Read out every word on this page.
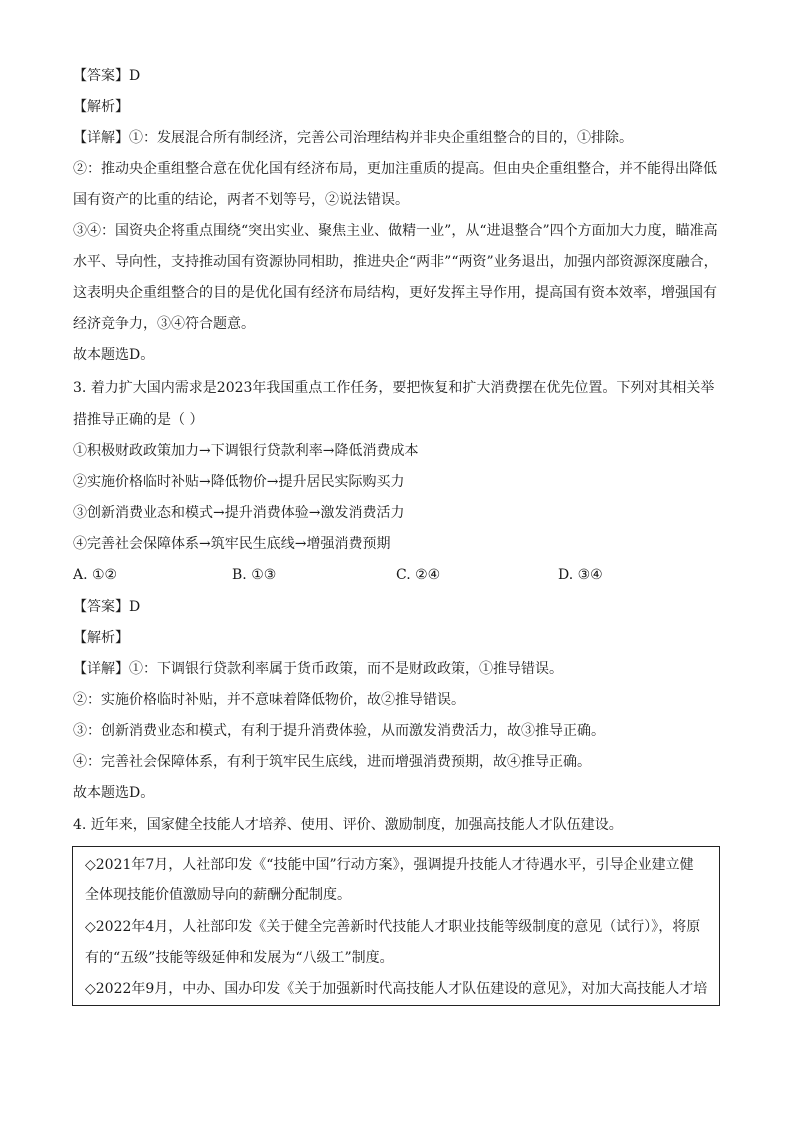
【答案】D
【解析】
【详解】①：发展混合所有制经济，完善公司治理结构并非央企重组整合的目的，①排除。
②：推动央企重组整合意在优化国有经济布局，更加注重质的提高。但由央企重组整合，并不能得出降低
国有资产的比重的结论，两者不划等号，②说法错误。
③④：国资央企将重点围绕“突出实业、聚焦主业、做精一业”，从“进退整合”四个方面加大力度，瞄准高
水平、导向性，支持推动国有资源协同相助，推进央企“两非”“两资”业务退出，加强内部资源深度融合，
这表明央企重组整合的目的是优化国有经济布局结构，更好发挥主导作用，提高国有资本效率，增强国有
经济竞争力，③④符合题意。
故本题选D。
3. 着力扩大国内需求是2023年我国重点工作任务，要把恢复和扩大消费摆在优先位置。下列对其相关举
措推导正确的是（ ）
①积极财政政策加力→下调银行贷款利率→降低消费成本
②实施价格临时补贴→降低物价→提升居民实际购买力
③创新消费业态和模式→提升消费体验→激发消费活力
④完善社会保障体系→筑牢民生底线→增强消费预期
A. ①②	B. ①③	C. ②④	D. ③④
【答案】D
【解析】
【详解】①：下调银行贷款利率属于货币政策，而不是财政政策，①推导错误。
②：实施价格临时补贴，并不意味着降低物价，故②推导错误。
③：创新消费业态和模式，有利于提升消费体验，从而激发消费活力，故③推导正确。
④：完善社会保障体系，有利于筑牢民生底线，进而增强消费预期，故④推导正确。
故本题选D。
4. 近年来，国家健全技能人才培养、使用、评价、激励制度，加强高技能人才队伍建设。
◇2021年7月，人社部印发《“技能中国”行动方案》，强调提升技能人才待遇水平，引导企业建立健
全体现技能价值激励导向的薪酬分配制度。
◇2022年4月，人社部印发《关于健全完善新时代技能人才职业技能等级制度的意见（试行）》，将原
有的“五级”技能等级延伸和发展为“八级工”制度。
◇2022年9月，中办、国办印发《关于加强新时代高技能人才队伍建设的意见》，对加大高技能人才培
